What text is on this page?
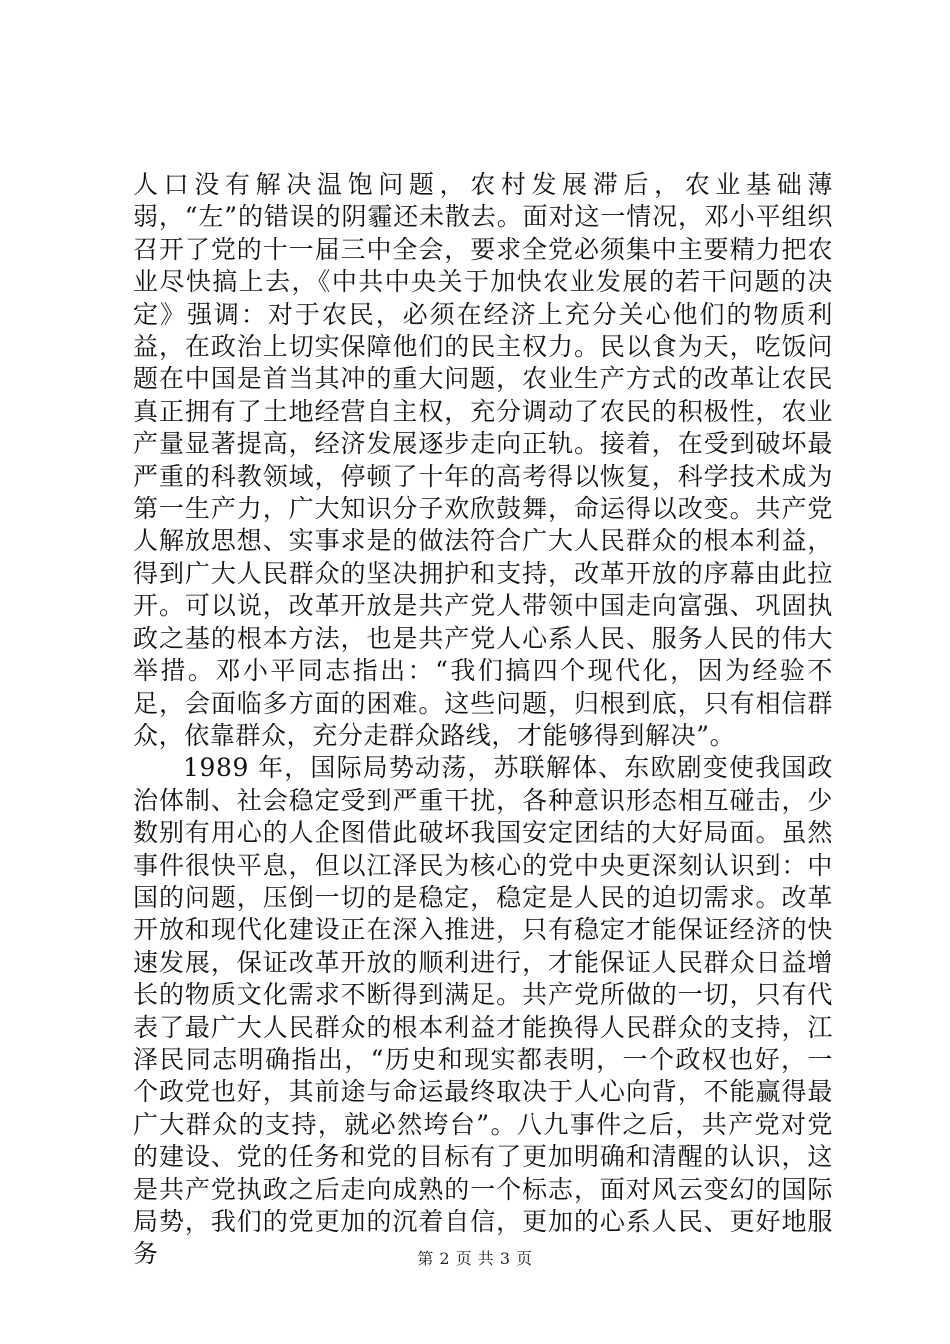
人口没有解决温饱问题，农村发展滞后，农业基础薄弱，“左”的错误的阴霾还未散去。面对这一情况，邓小平组织召开了党的十一届三中全会，要求全党必须集中主要精力把农业尽快搞上去，《中共中央关于加快农业发展的若干问题的决定》强调：对于农民，必须在经济上充分关心他们的物质利益，在政治上切实保障他们的民主权力。民以食为天，吃饭问题在中国是首当其冲的重大问题，农业生产方式的改革让农民真正拥有了土地经营自主权，充分调动了农民的积极性，农业产量显著提高，经济发展逐步走向正轨。接着，在受到破坏最严重的科教领域，停顿了十年的高考得以恢复，科学技术成为第一生产力，广大知识分子欢欣鼓舞，命运得以改变。共产党人解放思想、实事求是的做法符合广大人民群众的根本利益，得到广大人民群众的坚决拥护和支持，改革开放的序幕由此拉开。可以说，改革开放是共产党人带领中国走向富强、巩固执政之基的根本方法，也是共产党人心系人民、服务人民的伟大举措。邓小平同志指出：“我们搞四个现代化，因为经验不足，会面临多方面的困难。这些问题，归根到底，只有相信群众，依靠群众，充分走群众路线，才能够得到解决”。

1989 年，国际局势动荡，苏联解体、东欧剧变使我国政治体制、社会稳定受到严重干扰，各种意识形态相互碰击，少数别有用心的人企图借此破坏我国安定团结的大好局面。虽然事件很快平息，但以江泽民为核心的党中央更深刻认识到：中国的问题，压倒一切的是稳定，稳定是人民的迫切需求。改革开放和现代化建设正在深入推进，只有稳定才能保证经济的快速发展，保证改革开放的顺利进行，才能保证人民群众日益增长的物质文化需求不断得到满足。共产党所做的一切，只有代表了最广大人民群众的根本利益才能换得人民群众的支持，江泽民同志明确指出，“历史和现实都表明，一个政权也好，一个政党也好，其前途与命运最终取决于人心向背，不能赢得最广大群众的支持，就必然垮台”。八九事件之后，共产党对党的建设、党的任务和党的目标有了更加明确和清醒的认识，这是共产党执政之后走向成熟的一个标志，面对风云变幻的国际局势，我们的党更加的沉着自信，更加的心系人民、更好地服务	第 2 页 共 3 页
